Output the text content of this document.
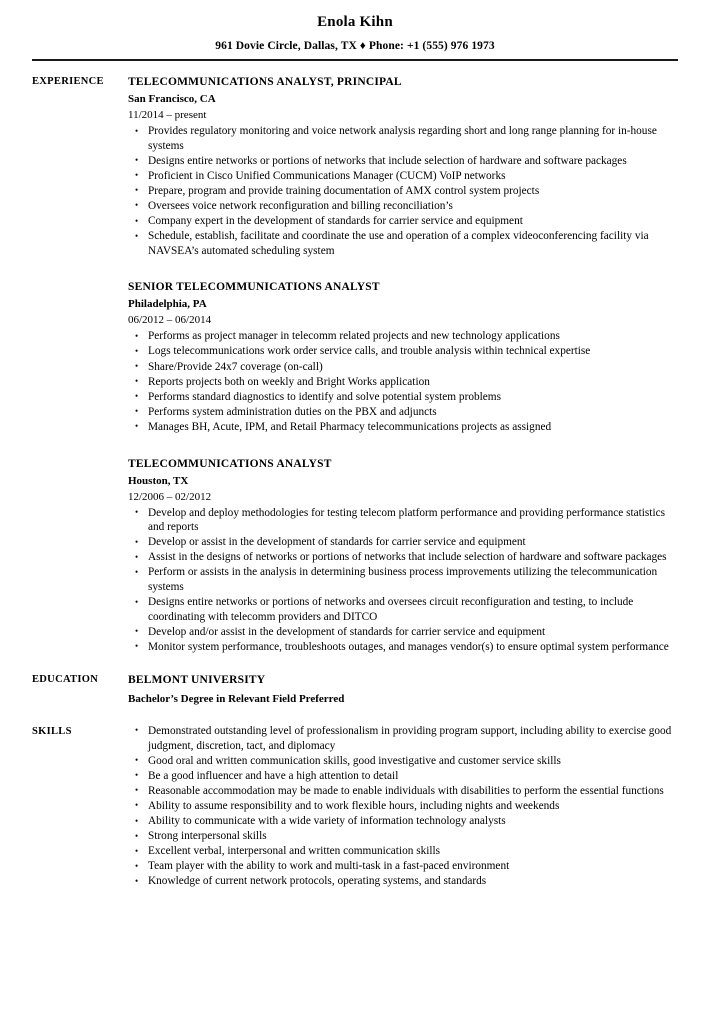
Enola Kihn
961 Dovie Circle, Dallas, TX ♦ Phone: +1 (555) 976 1973
EXPERIENCE	TELECOMMUNICATIONS ANALYST, PRINCIPAL
San Francisco, CA
11/2014 – present
• Provides regulatory monitoring and voice network analysis regarding short and long range planning for in-house systems
• Designs entire networks or portions of networks that include selection of hardware and software packages
• Proficient in Cisco Unified Communications Manager (CUCM) VoIP networks
• Prepare, program and provide training documentation of AMX control system projects
• Oversees voice network reconfiguration and billing reconciliation’s
• Company expert in the development of standards for carrier service and equipment
• Schedule, establish, facilitate and coordinate the use and operation of a complex videoconferencing facility via NAVSEA’s automated scheduling system
SENIOR TELECOMMUNICATIONS ANALYST
Philadelphia, PA
06/2012 – 06/2014
• Performs as project manager in telecomm related projects and new technology applications
• Logs telecommunications work order service calls, and trouble analysis within technical expertise
• Share/Provide 24x7 coverage (on-call)
• Reports projects both on weekly and Bright Works application
• Performs standard diagnostics to identify and solve potential system problems
• Performs system administration duties on the PBX and adjuncts
• Manages BH, Acute, IPM, and Retail Pharmacy telecommunications projects as assigned
TELECOMMUNICATIONS ANALYST
Houston, TX
12/2006 – 02/2012
• Develop and deploy methodologies for testing telecom platform performance and providing performance statistics and reports
• Develop or assist in the development of standards for carrier service and equipment
• Assist in the designs of networks or portions of networks that include selection of hardware and software packages
• Perform or assists in the analysis in determining business process improvements utilizing the telecommunication systems
• Designs entire networks or portions of networks and oversees circuit reconfiguration and testing, to include coordinating with telecomm providers and DITCO
• Develop and/or assist in the development of standards for carrier service and equipment
• Monitor system performance, troubleshoots outages, and manages vendor(s) to ensure optimal system performance
EDUCATION	BELMONT UNIVERSITY
Bachelor’s Degree in Relevant Field Preferred
SKILLS	• Demonstrated outstanding level of professionalism in providing program support, including ability to exercise good judgment, discretion, tact, and diplomacy
• Good oral and written communication skills, good investigative and customer service skills
• Be a good influencer and have a high attention to detail
• Reasonable accommodation may be made to enable individuals with disabilities to perform the essential functions
• Ability to assume responsibility and to work flexible hours, including nights and weekends
• Ability to communicate with a wide variety of information technology analysts
• Strong interpersonal skills
• Excellent verbal, interpersonal and written communication skills
• Team player with the ability to work and multi-task in a fast-paced environment
• Knowledge of current network protocols, operating systems, and standards
